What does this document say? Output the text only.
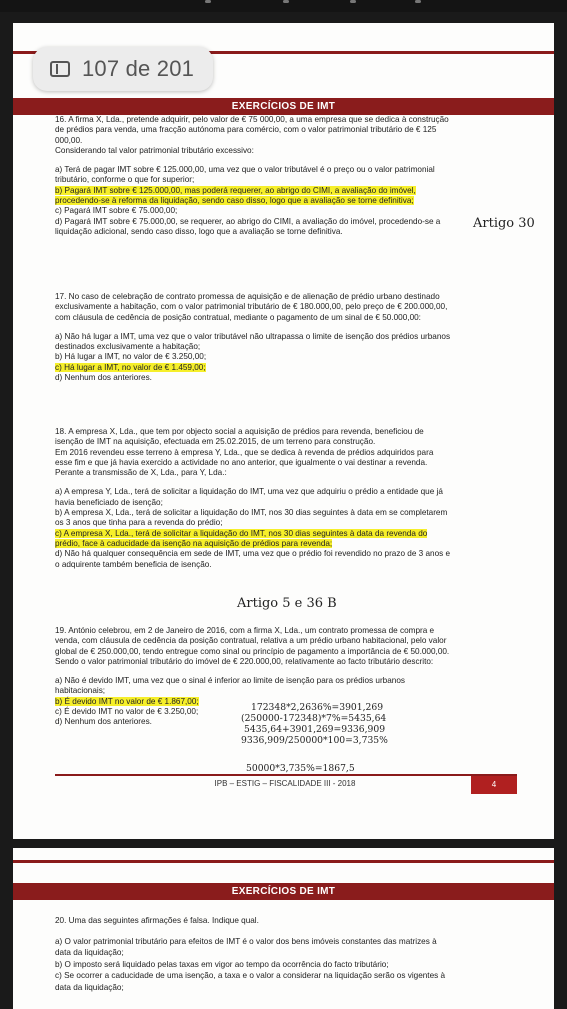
EXERCÍCIOS DE IMT

16. A firma X, Lda., pretende adquirir, pelo valor de € 75 000,00, a uma empresa que se dedica à construção

de prédios para venda, uma fracção autónoma para comércio, com o valor patrimonial tributário de € 125

000,00.

Considerando tal valor patrimonial tributário excessivo:

a) Terá de pagar IMT sobre € 125.000,00, uma vez que o valor tributável é o preço ou o valor patrimonial

tributário, conforme o que for superior;

b) Pagará IMT sobre € 125.000,00, mas poderá requerer, ao abrigo do CIMI, a avaliação do imóvel,

procedendo-se à reforma da liquidação, sendo caso disso, logo que a avaliação se torne definitiva;

c) Pagará IMT sobre € 75.000,00;

d) Pagará IMT sobre € 75.000,00, se requerer, ao abrigo do CIMI, a avaliação do imóvel, procedendo-se a

liquidação adicional, sendo caso disso, logo que a avaliação se torne definitiva.

Artigo 30

17. No caso de celebração de contrato promessa de aquisição e de alienação de prédio urbano destinado

exclusivamente a habitação, com o valor patrimonial tributário de € 180.000,00, pelo preço de € 200.000,00,

com cláusula de cedência de posição contratual, mediante o pagamento de um sinal de € 50.000,00:

a) Não há lugar a IMT, uma vez que o valor tributável não ultrapassa o limite de isenção dos prédios urbanos

destinados exclusivamente a habitação;

b) Há lugar a IMT, no valor de € 3.250,00;

c) Há lugar a IMT, no valor de € 1.459,00;

d) Nenhum dos anteriores.

18. A empresa X, Lda., que tem por objecto social a aquisição de prédios para revenda, beneficiou de

isenção de IMT na aquisição, efectuada em 25.02.2015, de um terreno para construção.

Em 2016 revendeu esse terreno à empresa Y, Lda., que se dedica à revenda de prédios adquiridos para

esse fim e que já havia exercido a actividade no ano anterior, que igualmente o vai destinar a revenda.

Perante a transmissão de X, Lda., para Y, Lda.:

a) A empresa Y, Lda., terá de solicitar a liquidação do IMT, uma vez que adquiriu o prédio a entidade que já

havia beneficiado de isenção;

b) A empresa X, Lda., terá de solicitar a liquidação do IMT, nos 30 dias seguintes à data em se completarem

os 3 anos que tinha para a revenda do prédio;

c) A empresa X, Lda., terá de solicitar a liquidação do IMT, nos 30 dias seguintes à data da revenda do

prédio, face à caducidade da isenção na aquisição de prédios para revenda;

d) Não há qualquer consequência em sede de IMT, uma vez que o prédio foi revendido no prazo de 3 anos e

o adquirente também beneficia de isenção.

Artigo 5 e 36 B

19. António celebrou, em 2 de Janeiro de 2016, com a firma X, Lda., um contrato promessa de compra e

venda, com cláusula de cedência da posição contratual, relativa a um prédio urbano habitacional, pelo valor

global de € 250.000,00, tendo entregue como sinal ou princípio de pagamento a importância de € 50.000,00.

Sendo o valor patrimonial tributário do imóvel de € 220.000,00, relativamente ao facto tributário descrito:

a) Não é devido IMT, uma vez que o sinal é inferior ao limite de isenção para os prédios urbanos

habitacionais;

b) É devido IMT no valor de € 1.867,00;

c) É devido IMT no valor de € 3.250,00;

d) Nenhum dos anteriores.

172348*2,2636%=3901,269
(250000-172348)*7%=5435,64
5435,64+3901,269=9336,909
9336,909/250000*100=3,735%
50000*3,735%=1867,5
IPB – ESTIG – FISCALIDADE III - 2018	4
EXERCÍCIOS DE IMT

20. Uma das seguintes afirmações é falsa. Indique qual.

a) O valor patrimonial tributário para efeitos de IMT é o valor dos bens imóveis constantes das matrizes à

data da liquidação;

b) O imposto será liquidado pelas taxas em vigor ao tempo da ocorrência do facto tributário;

c) Se ocorrer a caducidade de uma isenção, a taxa e o valor a considerar na liquidação serão os vigentes à

data da liquidação;

107 de 201
